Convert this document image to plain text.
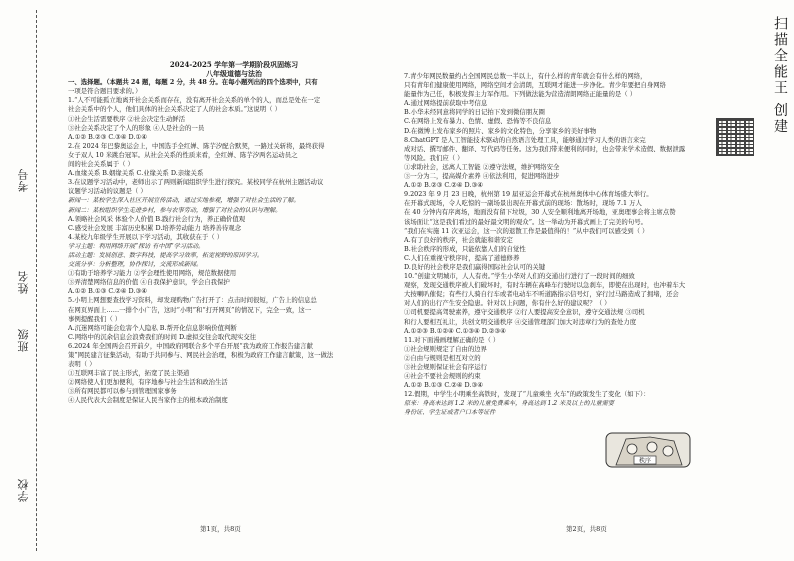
考号
姓名
班级
学校

2024-2025 学年第一学期阶段巩固练习

八年级道德与法治

一、选择题。（本题共 24 题，每题 2 分，共 48 分。在每小题列出的四个选项中，只有

一项是符合题目要求的。）

1.“人不可能孤立地离开社会关系而存在，没有离开社会关系的单个的人，而总是处在一定

社会关系中的个人，他们具体的社会关系决定了人的社会本质。”这说明（ ）

①社会生活需要秩序 ②社会决定生动鲜活

③社会关系决定了个人的形象 ④人是社会的一员

A.①② B.②③ C.③④ D.①④

2.在 2024 年巴黎奥运会上，中国选手全红婵、陈芋汐配合默契，一路过关斩将，最终获得

女子双人 10 米跳台冠军。从社会关系的性质来看，全红婵、陈芋汐两名运动员之

间的社会关系属于（ ）

A.血缘关系 B.姻缘关系 C.业缘关系 D.亲缘关系

3.在议题学习活动中，老师出示了两则新闻组织学生进行探究。某校同学在杭州主题活动议

议题学习活动的议题是（ ）

新闻一：某校学生深入社区开展宣传活动，通过实地参观，增强了对社会生活的了解。

新闻二：某校组织学生走进乡村，参与农事劳动，增强了对社会的认识与理解。

A.领略社会风采 体验个人价值 B.践行社会行为，养正确价值观

C.感受社会发展 丰富历史积累 D.培养劳动能力 培养善待观念

4.某校九年级学生开展以下学习活动，其收获在于（ ）

学习主题：利用网络开展“探访 有中国”学习活动。

活动主题：发展创意、数字科技，提高学习效率，拓宽视野的原因学习。

交流分享：分析整理，协作探讨，交流形成新闻。

①有助于培养学习能力 ②学会理性使用网络，规范数据使用

③弄清楚网络信息的价值 ④自我保护意识，学会自我保护

A.①② B.①③ C.②④ D.③④

5.小明上网想要查找学习资料，却发现购物广告打开了：点击时间很短，广告上的信息总

在网页界面上……一排个小广告，这时“小明”和“打开网页”的情况下，完全一致，这一

事例提醒我们（ ）

A.沉迷网络可能会危害个人隐私 B.帮开化信息影响价值判断

C.网络中的沉余信息会浪费我们的时间 D.虚拟交往会取代现实交往

6.2024 年全国两会召开前夕，中国政府网联合多个平台开展“我为政府工作报告建言献

策”网民建言征集活动，有助于共同参与、网民社会治理，积极为政府工作建言献策，这一做法

表明（ ）

①互联网丰富了民主形式，拓宽了民主渠道

②网络使人们更加便利，有序地参与社会生活和政治生活

③所有网民都可以参与到管理国家事务

④人民代表大会制度是保证人民当家作主的根本政治制度

7.青少年网民数量约占全国网民总数一半以上，有什么样的青年就会有什么样的网络，

只有青年们健康使用网络，网络空间才会清朗，互联网才能进一步净化。青少年要把自身网络

能量作为己任，积极发挥主力军作用。下列做法能为营造清朗网络正能量的是（ ）

A.通过网络提前获取中考信息

B.小华未经同意将同学的日记拍下发到微信朋友圈

C.在网络上发布暴力、色情、虚假、恐怖等不良信息

D.在微博上发布家乡的照片、家乡的文化特色，分享家乡的美好事物

8.ChatGPT 是人工智能技术驱动的自然语言处理工具，能够通过学习人类的语言来完

成对话、撰写邮件、翻译、写代码等任务。这为我们带来便利的同时，也会带来学术造假、数据泄露

等风险。我们应（ ）

①求助社会，远离人工智能 ②遵守法规，维护网络安全

③一分为二，提高媒介素养 ④依法利用，促进网络进步

A.①② B.②③ C.②④ D.③④

9.2023 年 9 月 23 日晚，杭州第 19 届亚运会开幕式在杭州奥体中心体育场盛大举行。

在开幕式现场，令人吃惊的一副场景出现在开幕式前的现场：散场时，现场 7.1 万人

在 40 分钟内有序离场，地面没有留下垃圾，30 人安全顺利地离开场地，亚奥理事会将主席点赞

该场面让“这是我们看过的最好最文明的观众”。这一举动为开幕式画上了完美的句号。

“我们在实施 11 次亚运会，这一次的退散工作是最值得的！”从中我们可以感受到（ ）

A.有了良好的秩序，社会就能和谐安定

B.社会秩序的形成，只能依靠人们的自觉性

C.人们在重视守秩序时，提高了道德修养

D.良好的社会秩序是我们赢得国际社会认可的关键

10.“创建文明城市，人人有责。”学生小华对人们的交通出行进行了一段时间的细致

观察，发现交通秩序被人们破坏时，有时车辆在高峰车行驶时以急刹车，即使在出现时，也冲着车大

大按喇叭催促；有些行人骑自行车或者电动车不听道路指示信号灯，穿行过马路造成了拥堵，还会

对人们的出行产生安全隐患。针对以上问题，你有什么好的建议呢？（ ）

①司机要提高驾驶素养，遵守交通秩序 ②行人要提高安全意识，遵守交通法规 ③司机

和行人要相互礼让，共创文明交通秩序 ④交通管理部门加大对违章行为的查处力度

A.①②③ B.①②④ C.①③④ D.②③④

11.对下面漫画理解正确的是（ ）

①社会规则规定了自由的边界

②自由与规则是相互对立的

③社会规则保证社会有序运行

④社会不要社会规则的约束

A.①② B.①③ C.②④ D.③④

12.假期，中学生小明乘坐高铁时，发现了“儿童乘坐 火车”的政策发生了变化（如下）：

原来：身高未达到 1.2 米的儿童免费乘车，身高达到 1.2 米及以上的儿童需要

身份证、学生证或者户口本等证件

秩序
第1页，共8页	第2页，共8页
扫描全能王 创建
